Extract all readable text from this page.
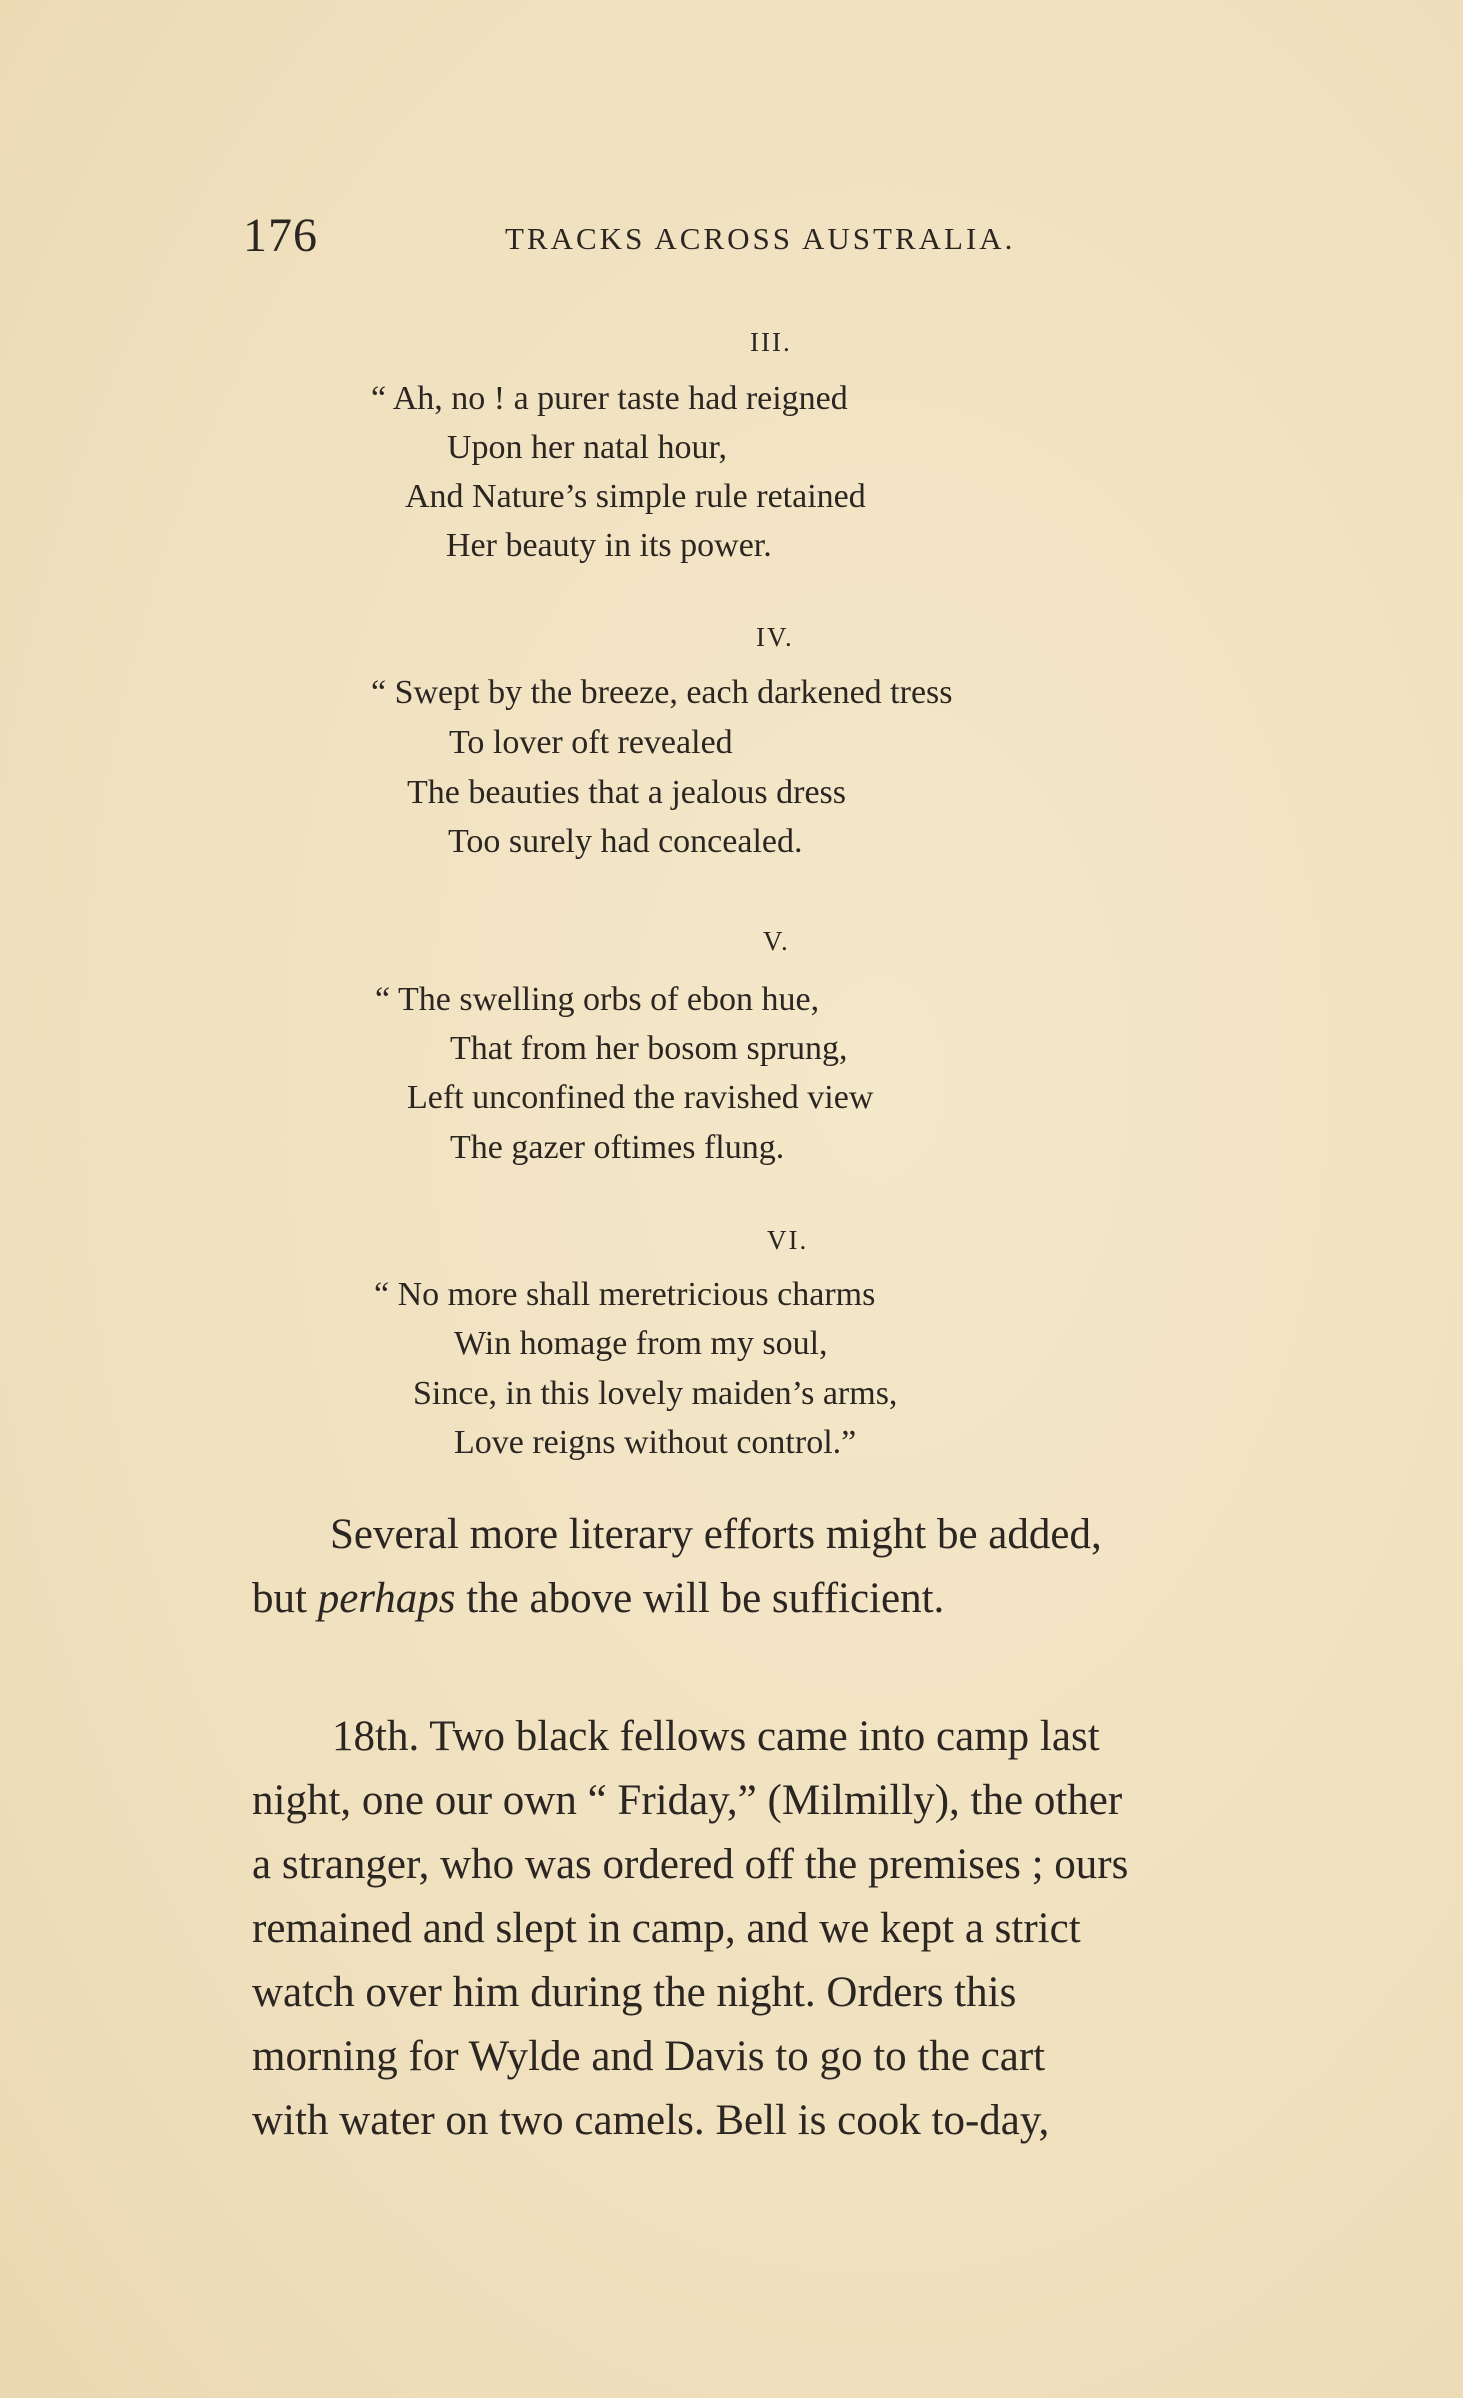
176	TRACKS ACROSS AUSTRALIA.
III.
“ Ah, no ! a purer taste had reigned
Upon her natal hour,
And Nature’s simple rule retained
Her beauty in its power.
IV.
“ Swept by the breeze, each darkened tress
To lover oft revealed
The beauties that a jealous dress
Too surely had concealed.
V.
“ The swelling orbs of ebon hue,
That from her bosom sprung,
Left unconfined the ravished view
The gazer oftimes flung.
VI.
“ No more shall meretricious charms
Win homage from my soul,
Since, in this lovely maiden’s arms,
Love reigns without control.”
Several more literary efforts might be added,
but perhaps the above will be sufficient.
18th. Two black fellows came into camp last
night, one our own “ Friday,” (Milmilly), the other
a stranger, who was ordered off the premises ; ours
remained and slept in camp, and we kept a strict
watch over him during the night. Orders this
morning for Wylde and Davis to go to the cart
with water on two camels. Bell is cook to-day,
